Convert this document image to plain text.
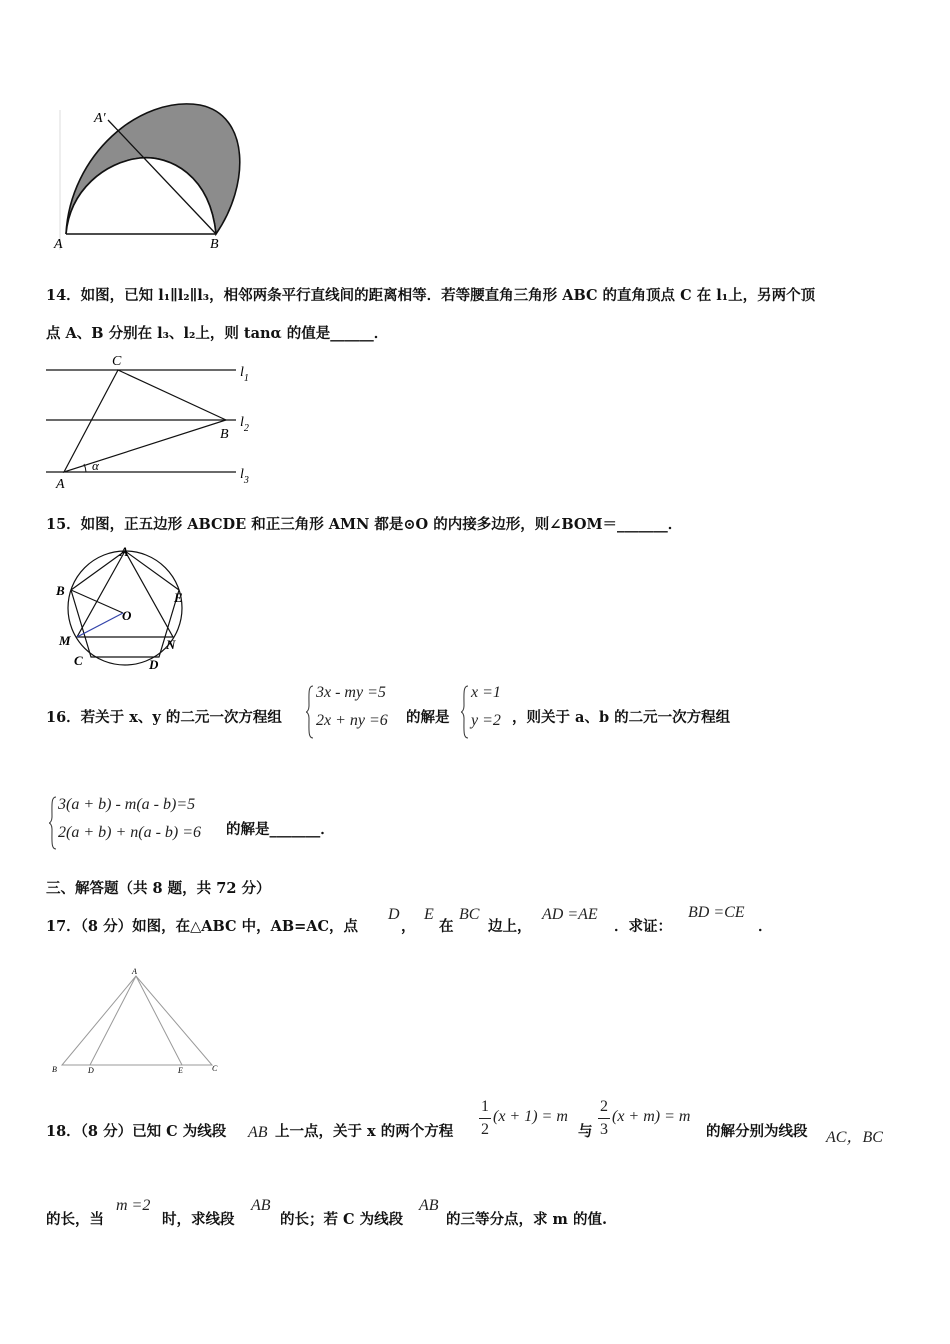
A′
A	B
14．如图，已知 l₁∥l₂∥l₃，相邻两条平行直线间的距离相等．若等腰直角三角形 ABC 的直角顶点 C 在 l₁上，另两个顶
点 A、B 分别在 l₃、l₂上，则 tanα 的值是______．
C
B
A
α
$l_1$
$l_2$
$l_3$
15．如图，正五边形 ABCDE 和正三角形 AMN 都是⊙O 的内接多边形，则∠BOM＝_______．
A
B	E
O
M	N
C	D
16．若关于 x、y 的二元一次方程组
3x - my =5
2x + ny =6 的解是
x =1
y =2 ，则关于 a、b 的二元一次方程组
3(a + b) - m(a - b)=5
2(a + b) + n(a - b) =6 的解是_______．
三、解答题（共 8 题，共 72 分）
17．（8 分）如图，在△ABC 中，AB=AC，点
D
，
E
在
BC
边上，
AD =AE
．求证：
BD =CE
．
A
B	D	E	C
18．（8 分）已知 C 为线段 AB 上一点，关于 x 的两个方程
1
2
(x + 1) = m
与
2
3
(x + m) = m
的解分别为线段 AC，BC
的长，当
m =2
时，求线段
AB
的长；若 C 为线段
AB
的三等分点，求 m 的值.
